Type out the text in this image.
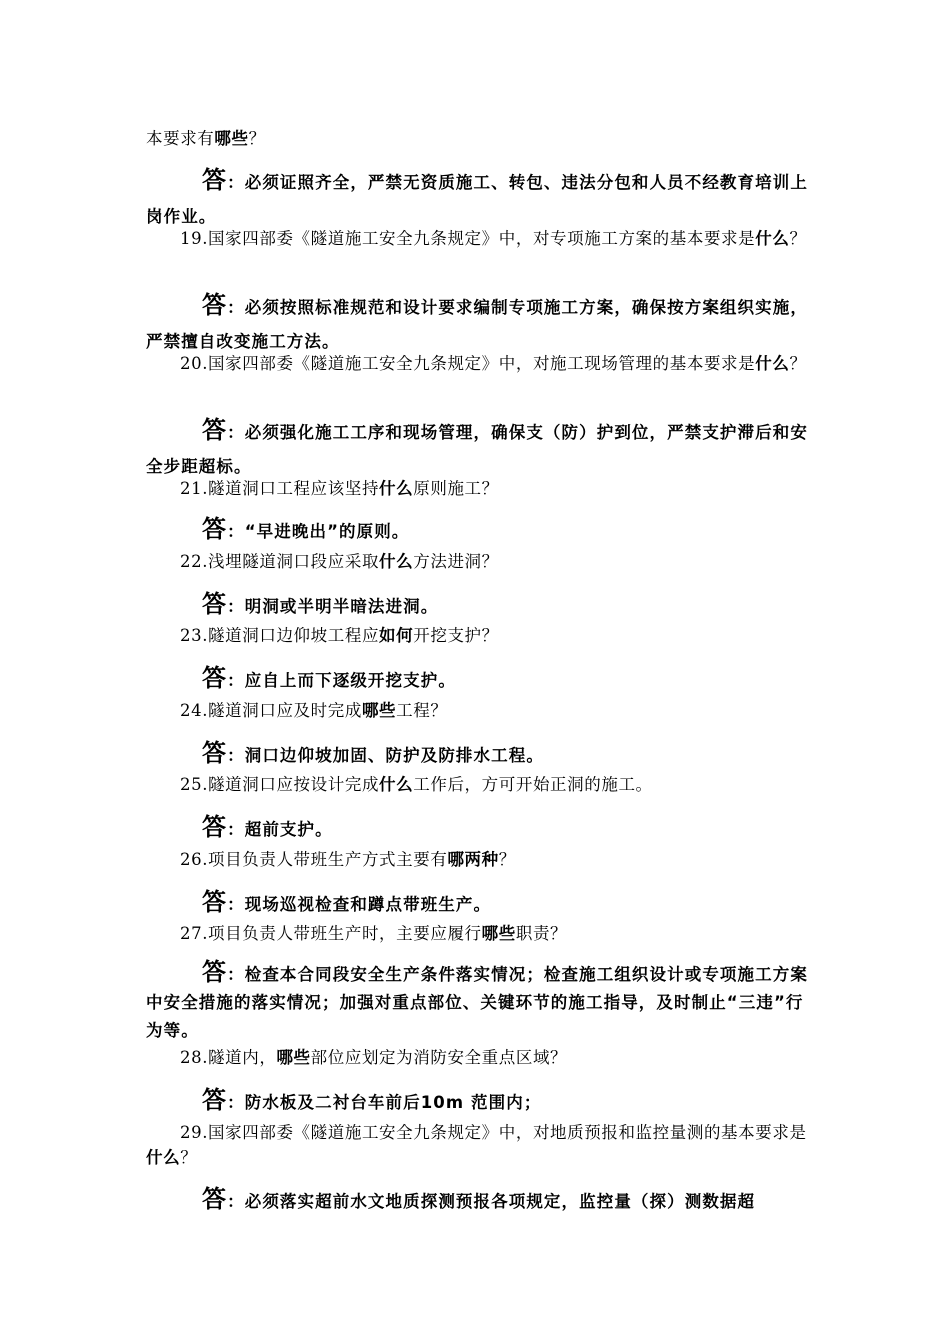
本要求有哪些？
答：必须证照齐全，严禁无资质施工、转包、违法分包和人员不经教育培训上岗作业。
19.国家四部委《隧道施工安全九条规定》中，对专项施工方案的基本要求是什么？
答：必须按照标准规范和设计要求编制专项施工方案，确保按方案组织实施，严禁擅自改变施工方法。
20.国家四部委《隧道施工安全九条规定》中，对施工现场管理的基本要求是什么？
答：必须强化施工工序和现场管理，确保支（防）护到位，严禁支护滞后和安全步距超标。
21.隧道洞口工程应该坚持什么原则施工？
答：“早进晚出”的原则。
22.浅埋隧道洞口段应采取什么方法进洞？
答：明洞或半明半暗法进洞。
23.隧道洞口边仰坡工程应如何开挖支护？
答：应自上而下逐级开挖支护。
24.隧道洞口应及时完成哪些工程？
答：洞口边仰坡加固、防护及防排水工程。
25.隧道洞口应按设计完成什么工作后，方可开始正洞的施工。
答：超前支护。
26.项目负责人带班生产方式主要有哪两种？
答：现场巡视检查和蹲点带班生产。
27.项目负责人带班生产时，主要应履行哪些职责？
答：检查本合同段安全生产条件落实情况；检查施工组织设计或专项施工方案中安全措施的落实情况；加强对重点部位、关键环节的施工指导，及时制止“三违”行为等。
28.隧道内，哪些部位应划定为消防安全重点区域？
答：防水板及二衬台车前后10m 范围内；
29.国家四部委《隧道施工安全九条规定》中，对地质预报和监控量测的基本要求是什么？
答：必须落实超前水文地质探测预报各项规定，监控量（探）测数据超
